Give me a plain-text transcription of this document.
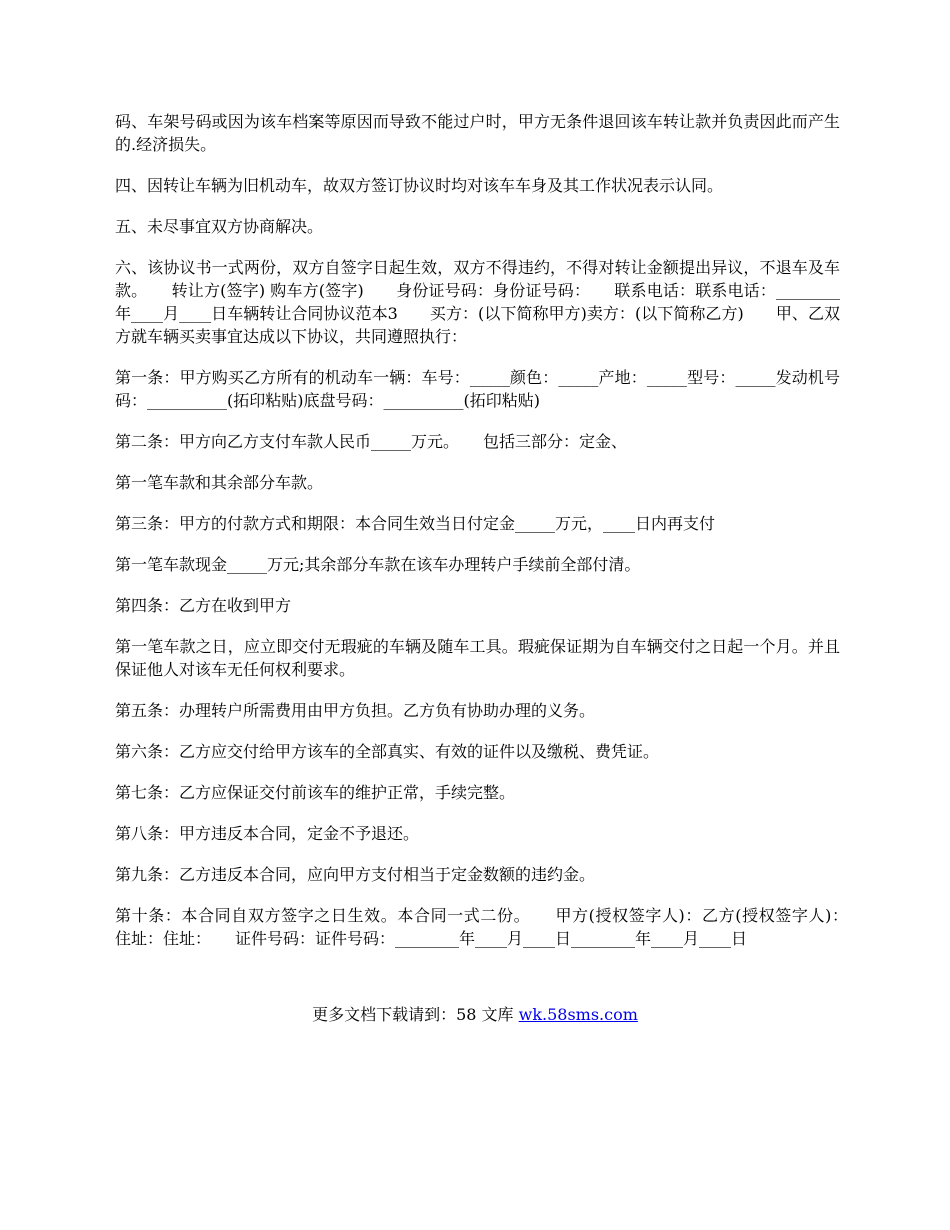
码、车架号码或因为该车档案等原因而导致不能过户时，甲方无条件退回该车转让款并负责因此而产生的.经济损失。

四、因转让车辆为旧机动车，故双方签订协议时均对该车车身及其工作状况表示认同。

五、未尽事宜双方协商解决。

六、该协议书一式两份，双方自签字日起生效，双方不得违约，不得对转让金额提出异议，不退车及车款。　　转让方(签字) 购车方(签字)　　身份证号码：身份证号码：　　联系电话：联系电话：________年____月____日车辆转让合同协议范本3　　买方：(以下简称甲方)卖方：(以下简称乙方)　　甲、乙双方就车辆买卖事宜达成以下协议，共同遵照执行：

第一条：甲方购买乙方所有的机动车一辆：车号：_____颜色：_____产地：_____型号：_____发动机号码：__________(拓印粘贴)底盘号码：__________(拓印粘贴)

第二条：甲方向乙方支付车款人民币_____万元。　　包括三部分：定金、

第一笔车款和其余部分车款。

第三条：甲方的付款方式和期限：本合同生效当日付定金_____万元，____日内再支付

第一笔车款现金_____万元;其余部分车款在该车办理转户手续前全部付清。

第四条：乙方在收到甲方

第一笔车款之日，应立即交付无瑕疵的车辆及随车工具。瑕疵保证期为自车辆交付之日起一个月。并且保证他人对该车无任何权利要求。

第五条：办理转户所需费用由甲方负担。乙方负有协助办理的义务。

第六条：乙方应交付给甲方该车的全部真实、有效的证件以及缴税、费凭证。

第七条：乙方应保证交付前该车的维护正常，手续完整。

第八条：甲方违反本合同，定金不予退还。

第九条：乙方违反本合同，应向甲方支付相当于定金数额的违约金。

第十条：本合同自双方签字之日生效。本合同一式二份。　　甲方(授权签字人)：乙方(授权签字人)：　　住址：住址：　　证件号码：证件号码：________年____月____日________年____月____日

更多文档下载请到：58 文库 wk.58sms.com
